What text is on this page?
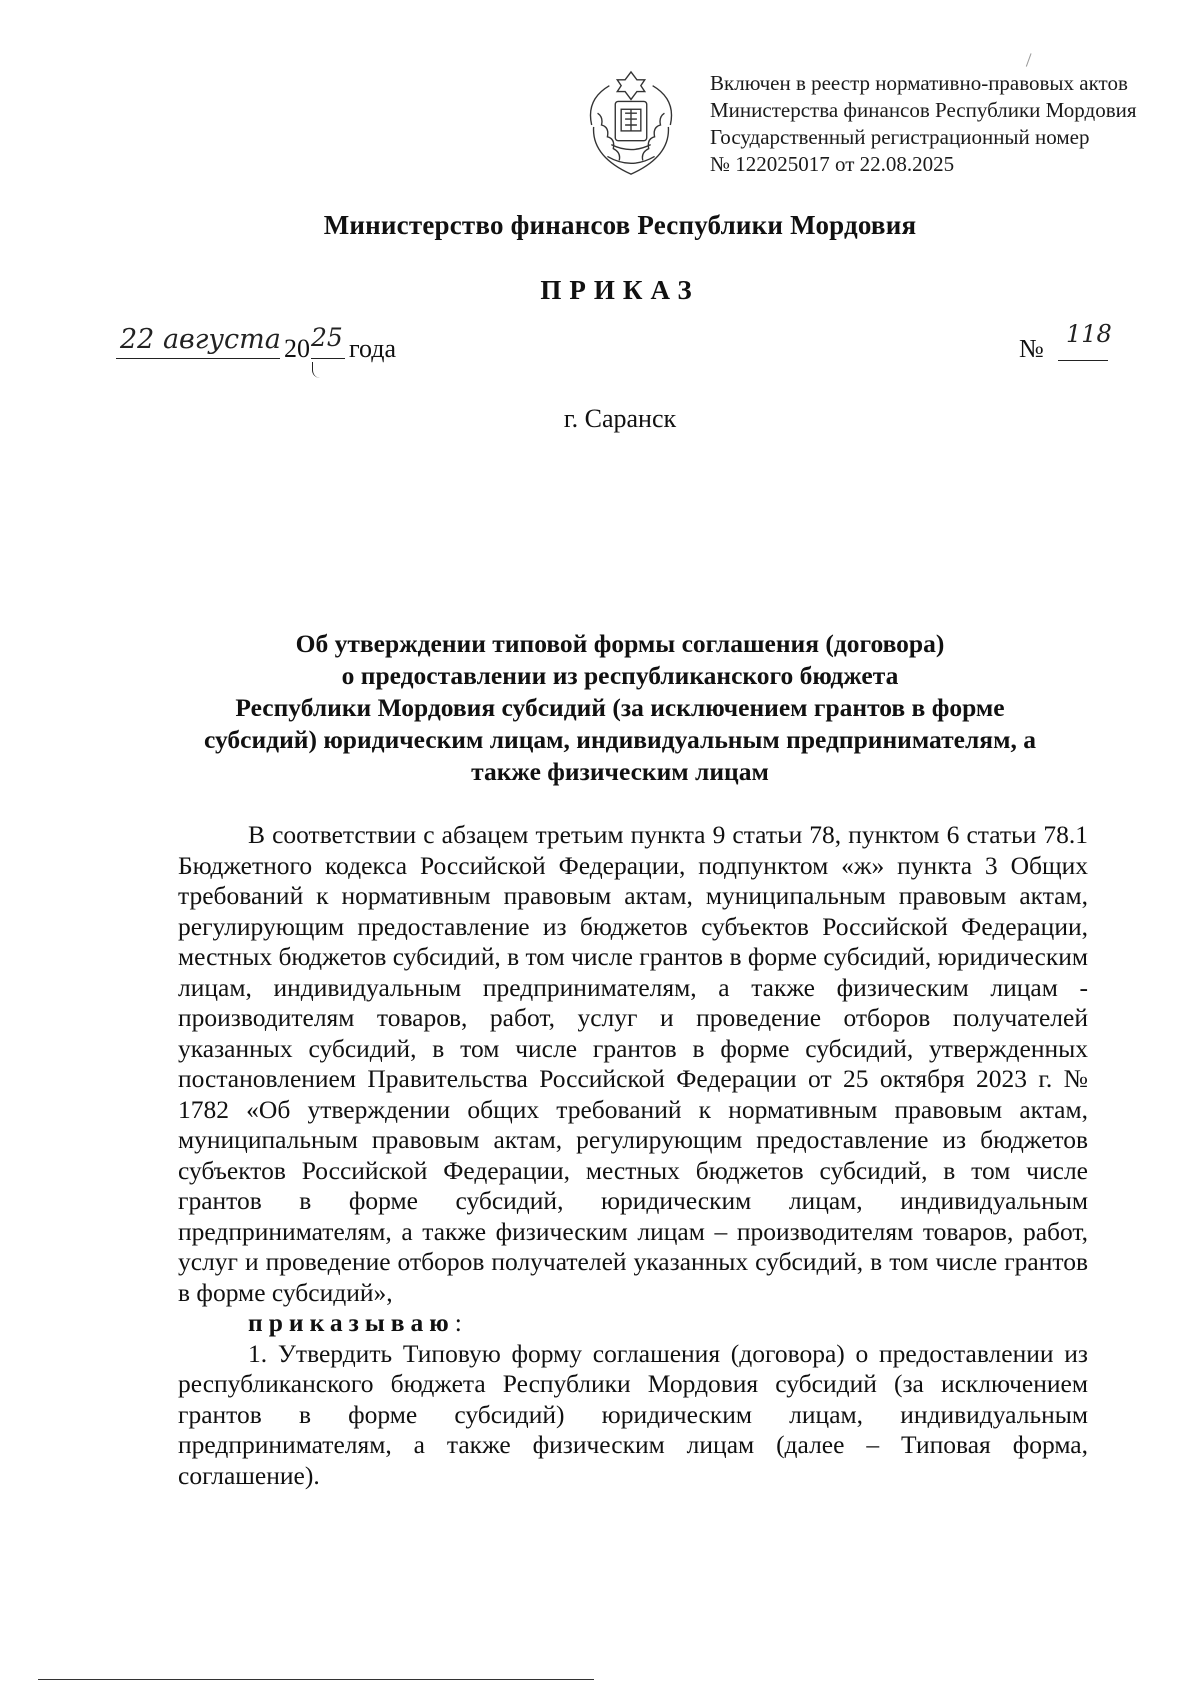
Включен в реестр нормативно-правовых актов
Министерства финансов Республики Мордовия
Государственный регистрационный номер
№ 122025017 от 22.08.2025
Министерство финансов Республики Мордовия
ПРИКАЗ
22 августа 20 25 года	№ 118
г. Саранск
Об утверждении типовой формы соглашения (договора)
о предоставлении из республиканского бюджета
Республики Мордовия субсидий (за исключением грантов в форме
субсидий) юридическим лицам, индивидуальным предпринимателям, а
также физическим лицам

В соответствии с абзацем третьим пункта 9 статьи 78, пунктом 6 статьи 78.1 Бюджетного кодекса Российской Федерации, подпунктом «ж» пункта 3 Общих требований к нормативным правовым актам, муниципальным правовым актам, регулирующим предоставление из бюджетов субъектов Российской Федерации, местных бюджетов субсидий, в том числе грантов в форме субсидий, юридическим лицам, индивидуальным предпринимателям, а также физическим лицам - производителям товаров, работ, услуг и проведение отборов получателей указанных субсидий, в том числе грантов в форме субсидий, утвержденных постановлением Правительства Российской Федерации от 25 октября 2023 г. № 1782 «Об утверждении общих требований к нормативным правовым актам, муниципальным правовым актам, регулирующим предоставление из бюджетов субъектов Российской Федерации, местных бюджетов субсидий, в том числе грантов в форме субсидий, юридическим лицам, индивидуальным предпринимателям, а также физическим лицам – производителям товаров, работ, услуг и проведение отборов получателей указанных субсидий, в том числе грантов в форме субсидий»,

приказываю:

1. Утвердить Типовую форму соглашения (договора) о предоставлении из республиканского бюджета Республики Мордовия субсидий (за исключением грантов в форме субсидий) юридическим лицам, индивидуальным предпринимателям, а также физическим лицам (далее – Типовая форма, соглашение).
